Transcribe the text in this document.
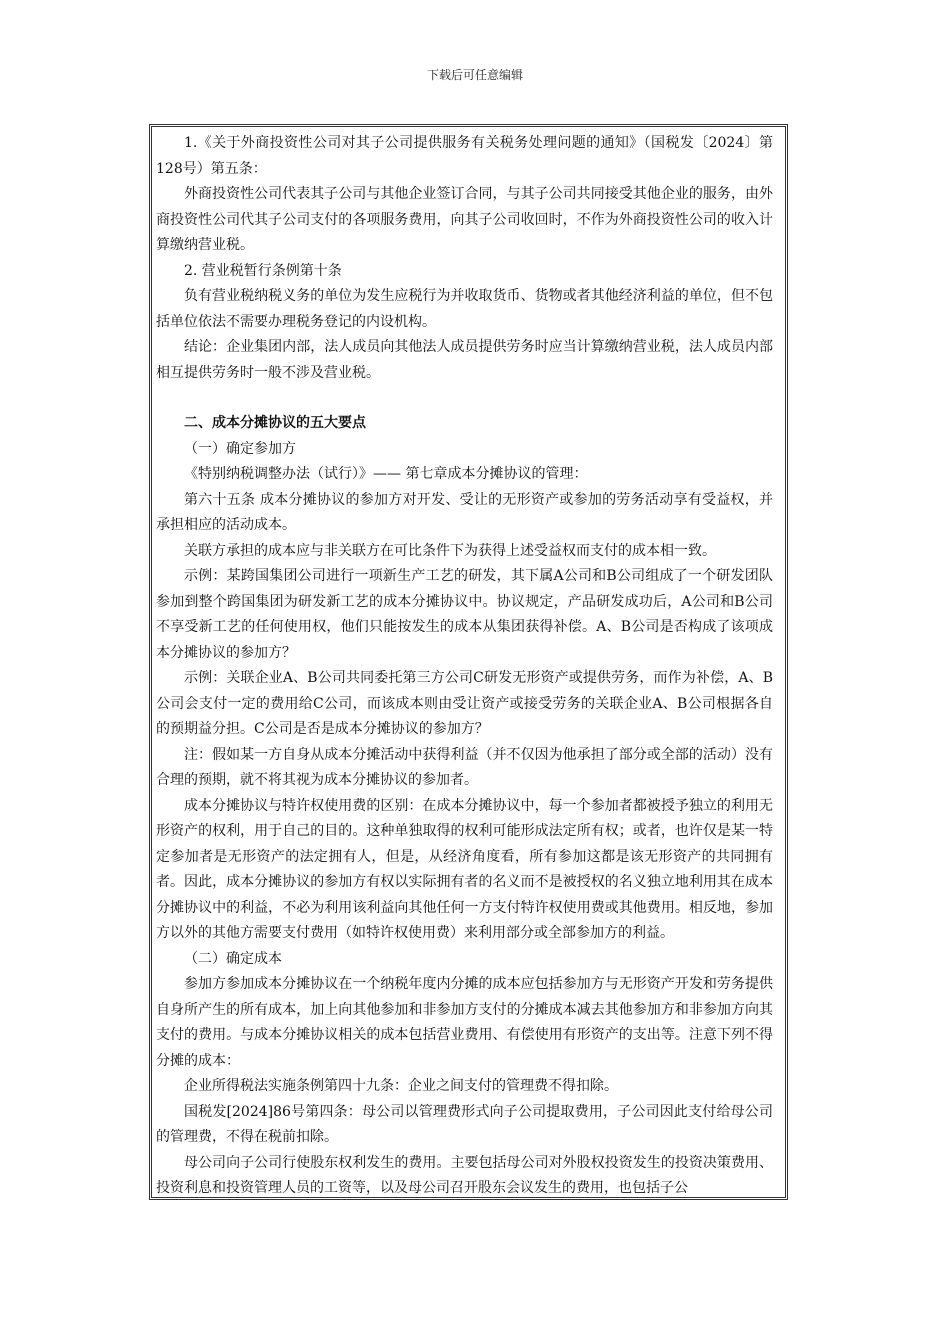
下载后可任意编辑

1.《关于外商投资性公司对其子公司提供服务有关税务处理问题的通知》（国税发〔2024〕第128号）第五条：

外商投资性公司代表其子公司与其他企业签订合同，与其子公司共同接受其他企业的服务，由外商投资性公司代其子公司支付的各项服务费用，向其子公司收回时，不作为外商投资性公司的收入计算缴纳营业税。

2. 营业税暂行条例第十条

负有营业税纳税义务的单位为发生应税行为并收取货币、货物或者其他经济利益的单位，但不包括单位依法不需要办理税务登记的内设机构。

结论：企业集团内部，法人成员向其他法人成员提供劳务时应当计算缴纳营业税，法人成员内部相互提供劳务时一般不涉及营业税。

二、成本分摊协议的五大要点

（一）确定参加方

《特别纳税调整办法（试行）》—— 第七章成本分摊协议的管理：

第六十五条 成本分摊协议的参加方对开发、受让的无形资产或参加的劳务活动享有受益权，并承担相应的活动成本。

关联方承担的成本应与非关联方在可比条件下为获得上述受益权而支付的成本相一致。

示例：某跨国集团公司进行一项新生产工艺的研发，其下属A公司和B公司组成了一个研发团队参加到整个跨国集团为研发新工艺的成本分摊协议中。协议规定，产品研发成功后，A公司和B公司不享受新工艺的任何使用权，他们只能按发生的成本从集团获得补偿。A、B公司是否构成了该项成本分摊协议的参加方？

示例：关联企业A、B公司共同委托第三方公司C研发无形资产或提供劳务，而作为补偿，A、B公司会支付一定的费用给C公司，而该成本则由受让资产或接受劳务的关联企业A、B公司根据各自的预期益分担。C公司是否是成本分摊协议的参加方？

注：假如某一方自身从成本分摊活动中获得利益（并不仅因为他承担了部分或全部的活动）没有合理的预期，就不将其视为成本分摊协议的参加者。

成本分摊协议与特许权使用费的区别：在成本分摊协议中，每一个参加者都被授予独立的利用无形资产的权利，用于自己的目的。这种单独取得的权利可能形成法定所有权；或者，也许仅是某一特定参加者是无形资产的法定拥有人，但是，从经济角度看，所有参加这都是该无形资产的共同拥有者。因此，成本分摊协议的参加方有权以实际拥有者的名义而不是被授权的名义独立地利用其在成本分摊协议中的利益，不必为利用该利益向其他任何一方支付特许权使用费或其他费用。相反地，参加方以外的其他方需要支付费用（如特许权使用费）来利用部分或全部参加方的利益。

（二）确定成本

参加方参加成本分摊协议在一个纳税年度内分摊的成本应包括参加方与无形资产开发和劳务提供自身所产生的所有成本，加上向其他参加和非参加方支付的分摊成本减去其他参加方和非参加方向其支付的费用。与成本分摊协议相关的成本包括营业费用、有偿使用有形资产的支出等。注意下列不得分摊的成本：

企业所得税法实施条例第四十九条：企业之间支付的管理费不得扣除。

国税发[2024]86号第四条：母公司以管理费形式向子公司提取费用，子公司因此支付给母公司的管理费，不得在税前扣除。

母公司向子公司行使股东权利发生的费用。主要包括母公司对外股权投资发生的投资决策费用、投资利息和投资管理人员的工资等，以及母公司召开股东会议发生的费用，也包括子公
